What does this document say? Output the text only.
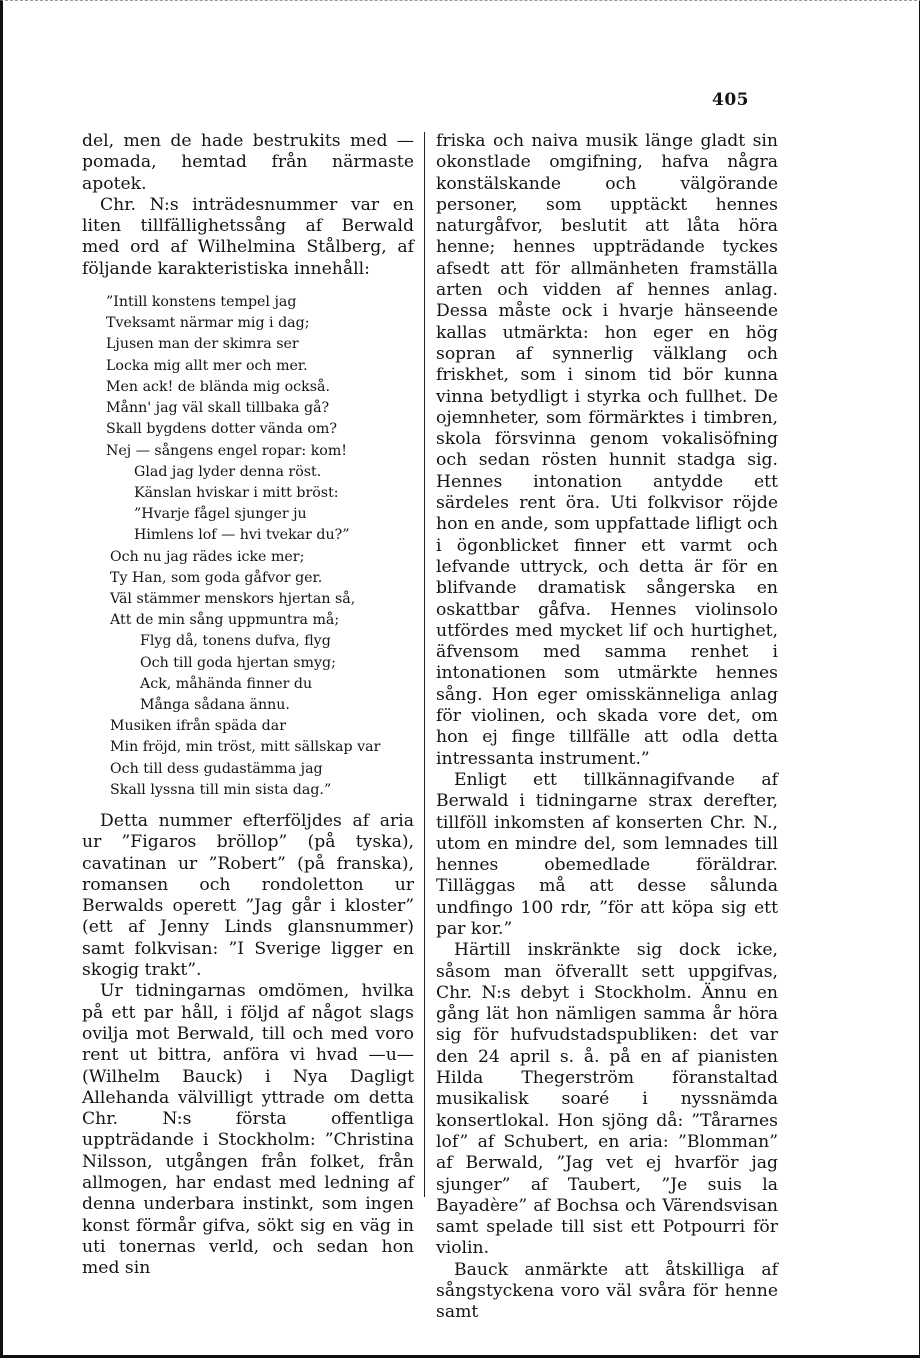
405

del, men de hade bestrukits med — pomada, hemtad från närmaste apotek.

Chr. N:s inträdesnummer var en liten tillfällighetssång af Berwald med ord af Wilhelmina Stålberg, af följande karakteristiska innehåll:

”Intill konstens tempel jag
Tveksamt närmar mig i dag;
Ljusen man der skimra ser
Locka mig allt mer och mer.
Men ack! de blända mig också.
Månn' jag väl skall tillbaka gå?
Skall bygdens dotter vända om?
Nej — sångens engel ropar: kom!
Glad jag lyder denna röst.
Känslan hviskar i mitt bröst:
”Hvarje fågel sjunger ju
Himlens lof — hvi tvekar du?”
Och nu jag rädes icke mer;
Ty Han, som goda gåfvor ger.
Väl stämmer menskors hjertan så,
Att de min sång uppmuntra må;
Flyg då, tonens dufva, flyg
Och till goda hjertan smyg;
Ack, måhända finner du
Många sådana ännu.
Musiken ifrån späda dar
Min fröjd, min tröst, mitt sällskap var
Och till dess gudastämma jag
Skall lyssna till min sista dag.”

Detta nummer efterföljdes af aria ur ”Figaros bröllop” (på tyska), cavatinan ur ”Robert” (på franska), romansen och rondoletton ur Berwalds operett ”Jag går i kloster” (ett af Jenny Linds glansnummer) samt folkvisan: ”I Sverige ligger en skogig trakt”.

Ur tidningarnas omdömen, hvilka på ett par håll, i följd af något slags ovilja mot Berwald, till och med voro rent ut bittra, anföra vi hvad —u— (Wilhelm Bauck) i Nya Dagligt Allehanda välvilligt yttrade om detta Chr. N:s första offentliga uppträdande i Stockholm: ”Christina Nilsson, utgången från folket, från allmogen, har endast med ledning af denna underbara instinkt, som ingen konst förmår gifva, sökt sig en väg in uti tonernas verld, och sedan hon med sin

friska och naiva musik länge gladt sin okonstlade omgifning, hafva några konstälskande och välgörande personer, som upptäckt hennes naturgåfvor, beslutit att låta höra henne; hennes uppträdande tyckes afsedt att för allmänheten framställa arten och vidden af hennes anlag. Dessa måste ock i hvarje hänseende kallas utmärkta: hon eger en hög sopran af synnerlig välklang och friskhet, som i sinom tid bör kunna vinna betydligt i styrka och fullhet. De ojemnheter, som förmärktes i timbren, skola försvinna genom vokalisöfning och sedan rösten hunnit stadga sig. Hennes intonation antydde ett särdeles rent öra. Uti folkvisor röjde hon en ande, som uppfattade lifligt och i ögonblicket finner ett varmt och lefvande uttryck, och detta är för en blifvande dramatisk sångerska en oskattbar gåfva. Hennes violinsolo utfördes med mycket lif och hurtighet, äfvensom med samma renhet i intonationen som utmärkte hennes sång. Hon eger omisskänneliga anlag för violinen, och skada vore det, om hon ej finge tillfälle att odla detta intressanta instrument.”

Enligt ett tillkännagifvande af Berwald i tidningarne strax derefter, tillföll inkomsten af konserten Chr. N., utom en mindre del, som lemnades till hennes obemedlade föräldrar. Tilläggas må att desse sålunda undfingo 100 rdr, ”för att köpa sig ett par kor.”

Härtill inskränkte sig dock icke, såsom man öfverallt sett uppgifvas, Chr. N:s debyt i Stockholm. Ännu en gång lät hon nämligen samma år höra sig för hufvudstadspubliken: det var den 24 april s. å. på en af pianisten Hilda Thegerström föranstaltad musikalisk soaré i nyssnämda konsertlokal. Hon sjöng då: ”Tårarnes lof” af Schubert, en aria: ”Blomman” af Berwald, ”Jag vet ej hvarför jag sjunger” af Taubert, ”Je suis la Bayadère” af Bochsa och Värendsvisan samt spelade till sist ett Potpourri för violin.

Bauck anmärkte att åtskilliga af sångstyckena voro väl svåra för henne samt
